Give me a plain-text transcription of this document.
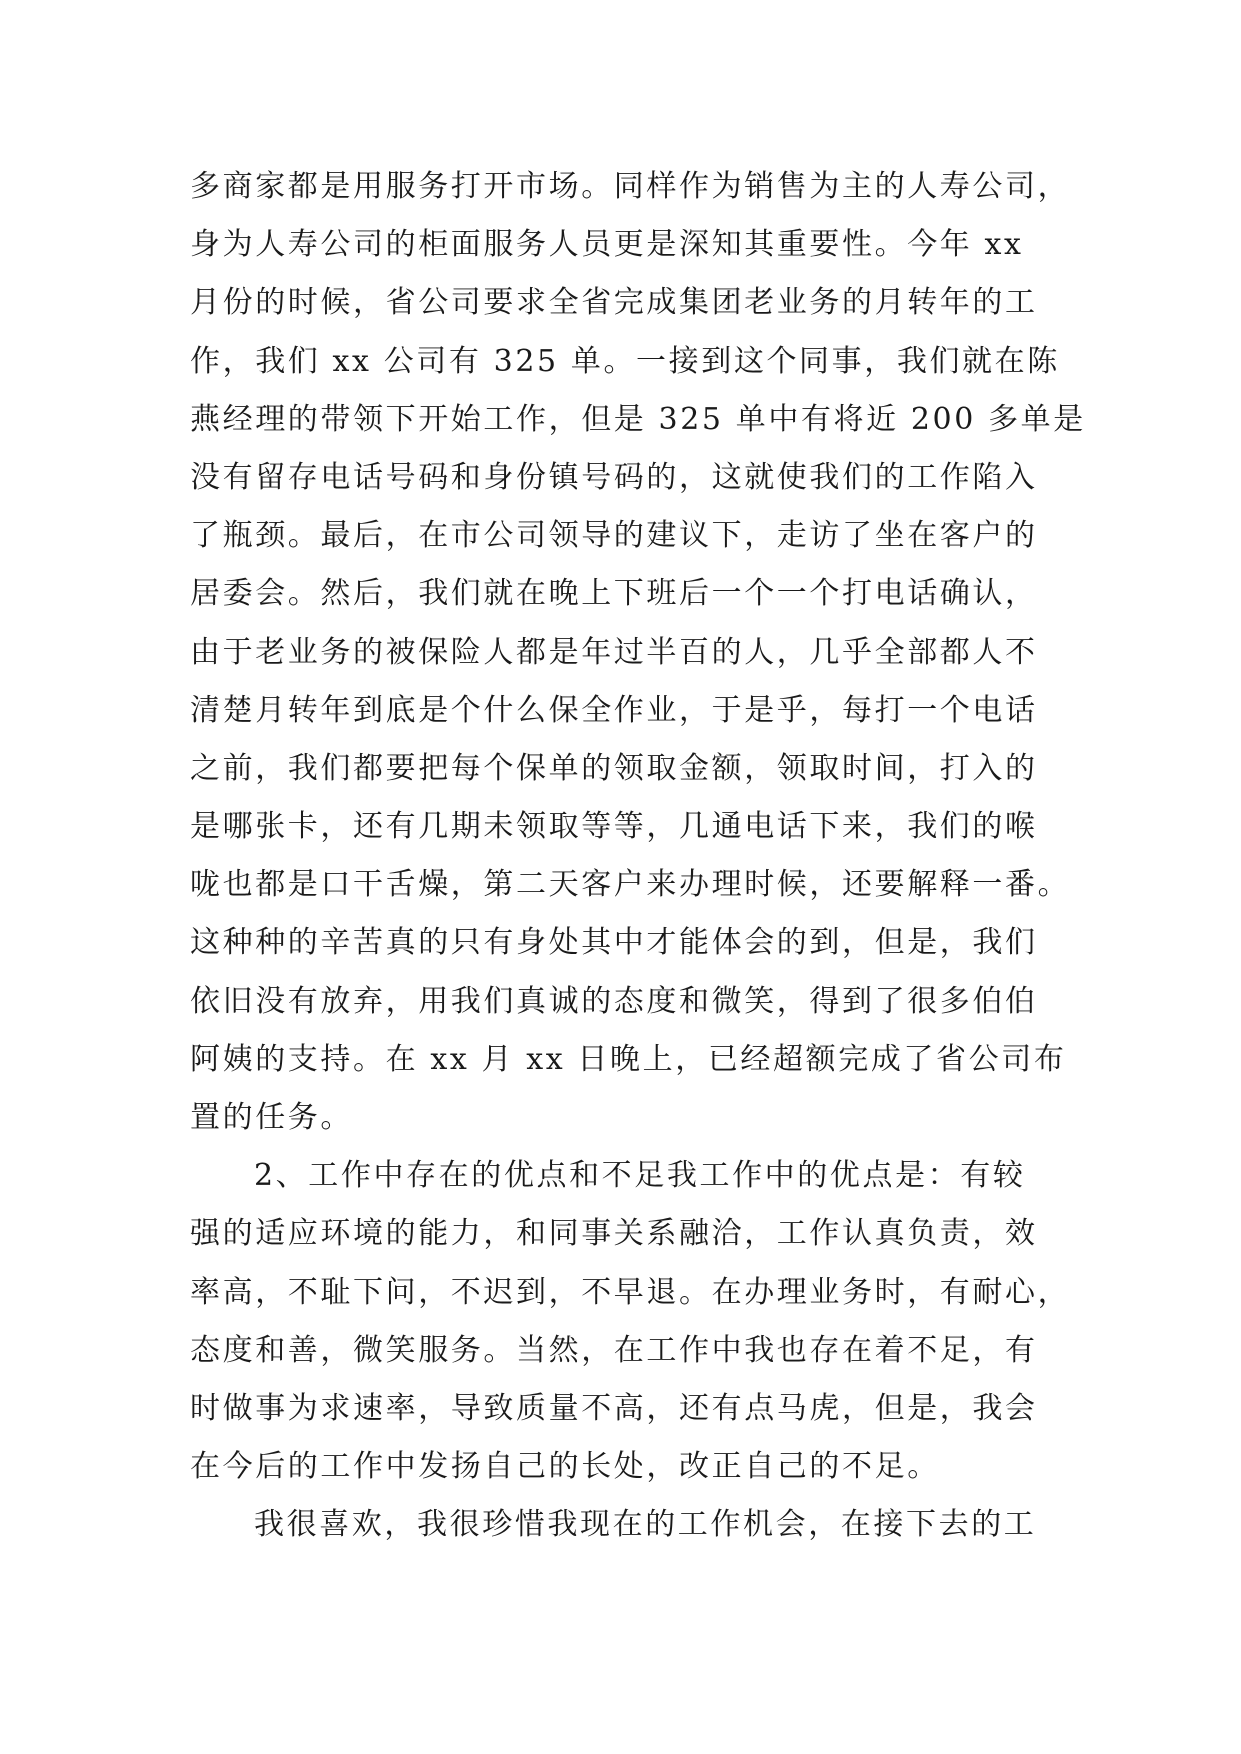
多商家都是用服务打开市场。同样作为销售为主的人寿公司，
身为人寿公司的柜面服务人员更是深知其重要性。今年 xx
月份的时候，省公司要求全省完成集团老业务的月转年的工
作，我们 xx 公司有 325 单。一接到这个同事，我们就在陈
燕经理的带领下开始工作，但是 325 单中有将近 200 多单是
没有留存电话号码和身份镇号码的，这就使我们的工作陷入
了瓶颈。最后，在市公司领导的建议下，走访了坐在客户的
居委会。然后，我们就在晚上下班后一个一个打电话确认，
由于老业务的被保险人都是年过半百的人，几乎全部都人不
清楚月转年到底是个什么保全作业，于是乎，每打一个电话
之前，我们都要把每个保单的领取金额，领取时间，打入的
是哪张卡，还有几期未领取等等，几通电话下来，我们的喉
咙也都是口干舌燥，第二天客户来办理时候，还要解释一番。
这种种的辛苦真的只有身处其中才能体会的到，但是，我们
依旧没有放弃，用我们真诚的态度和微笑，得到了很多伯伯
阿姨的支持。在 xx 月 xx 日晚上，已经超额完成了省公司布
置的任务。
2、工作中存在的优点和不足我工作中的优点是：有较
强的适应环境的能力，和同事关系融洽，工作认真负责，效
率高，不耻下问，不迟到，不早退。在办理业务时，有耐心，
态度和善，微笑服务。当然，在工作中我也存在着不足，有
时做事为求速率，导致质量不高，还有点马虎，但是，我会
在今后的工作中发扬自己的长处，改正自己的不足。
我很喜欢，我很珍惜我现在的工作机会，在接下去的工
